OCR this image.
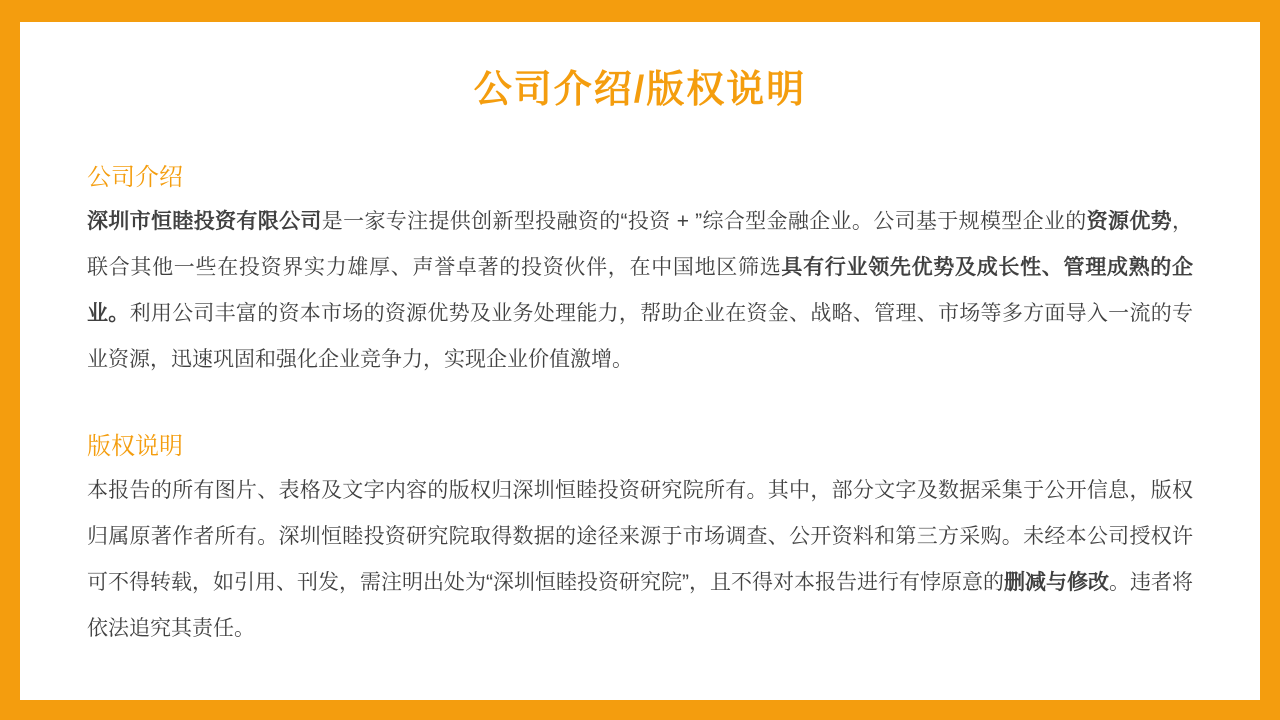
公司介绍/版权说明
公司介绍

深圳市恒睦投资有限公司是一家专注提供创新型投融资的“投资 + ”综合型金融企业。公司基于规模型企业的资源优势，联合其他一些在投资界实力雄厚、声誉卓著的投资伙伴，在中国地区筛选具有行业领先优势及成长性、管理成熟的企业。利用公司丰富的资本市场的资源优势及业务处理能力，帮助企业在资金、战略、管理、市场等多方面导入一流的专业资源，迅速巩固和强化企业竞争力，实现企业价值激增。

版权说明

本报告的所有图片、表格及文字内容的版权归深圳恒睦投资研究院所有。其中，部分文字及数据采集于公开信息，版权归属原著作者所有。深圳恒睦投资研究院取得数据的途径来源于市场调查、公开资料和第三方采购。未经本公司授权许可不得转载，如引用、刊发，需注明出处为“深圳恒睦投资研究院”，且不得对本报告进行有悖原意的删减与修改。违者将依法追究其责任。
